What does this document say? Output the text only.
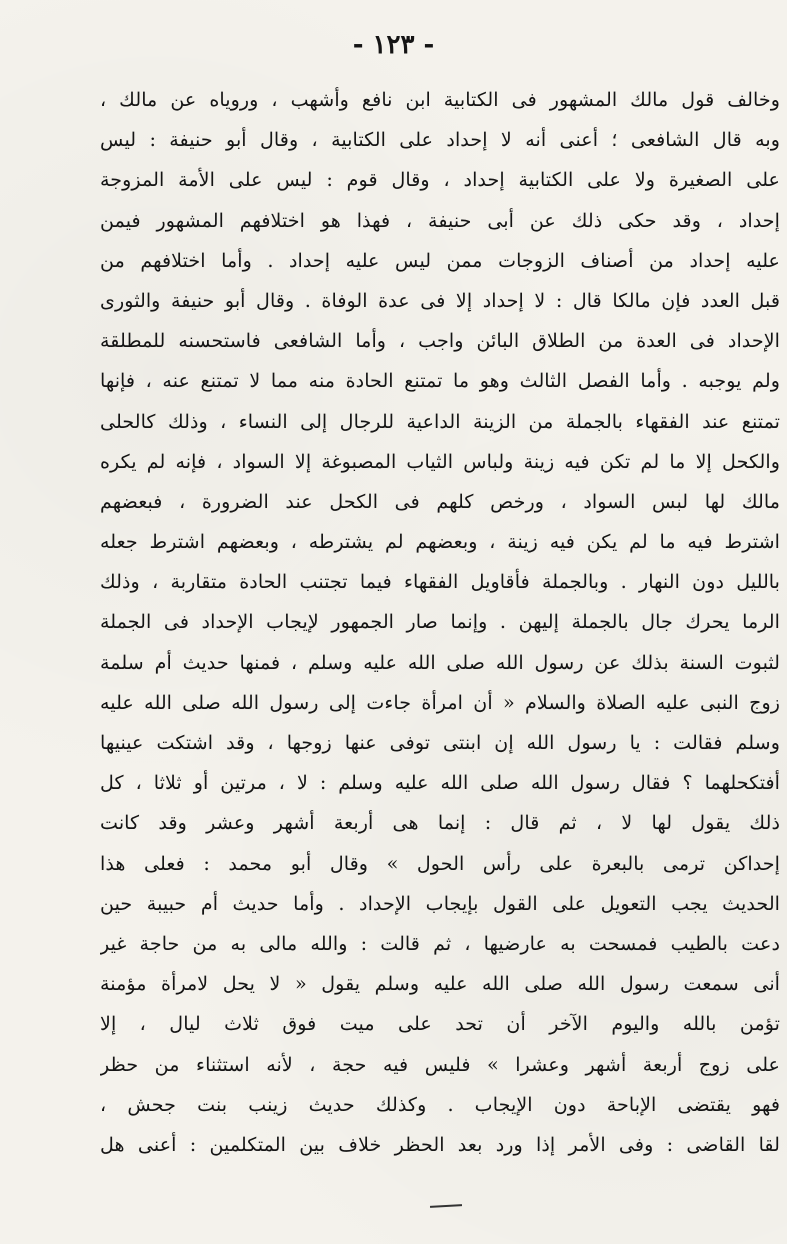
- ١٢٣ -
وخالف قول مالك المشهور فى الكتابية ابن نافع وأشهب ، وروياه عن مالك ،
وبه قال الشافعى ؛ أعنى أنه لا إحداد على الكتابية ، وقال أبو حنيفة : ليس
على الصغيرة ولا على الكتابية إحداد ، وقال قوم : ليس على الأمة المزوجة
إحداد ، وقد حكى ذلك عن أبى حنيفة ، فهذا هو اختلافهم المشهور فيمن
عليه إحداد من أصناف الزوجات ممن ليس عليه إحداد . وأما اختلافهم من
قبل العدد فإن مالكا قال : لا إحداد إلا فى عدة الوفاة . وقال أبو حنيفة والثورى
الإحداد فى العدة من الطلاق البائن واجب ، وأما الشافعى فاستحسنه للمطلقة
ولم يوجبه . وأما الفصل الثالث وهو ما تمتنع الحادة منه مما لا تمتنع عنه ، فإنها
تمتنع عند الفقهاء بالجملة من الزينة الداعية للرجال إلى النساء ، وذلك كالحلى
والكحل إلا ما لم تكن فيه زينة ولباس الثياب المصبوغة إلا السواد ، فإنه لم يكره
مالك لها لبس السواد ، ورخص كلهم فى الكحل عند الضرورة ، فبعضهم
اشترط فيه ما لم يكن فيه زينة ، وبعضهم لم يشترطه ، وبعضهم اشترط جعله
بالليل دون النهار . وبالجملة فأقاويل الفقهاء فيما تجتنب الحادة متقاربة ، وذلك
الرما يحرك جال بالجملة إليهن . وإنما صار الجمهور لإيجاب الإحداد فى الجملة
لثبوت السنة بذلك عن رسول الله صلى الله عليه وسلم ، فمنها حديث أم سلمة
زوج النبى عليه الصلاة والسلام « أن امرأة جاءت إلى رسول الله صلى الله عليه
وسلم فقالت : يا رسول الله إن ابنتى توفى عنها زوجها ، وقد اشتكت عينيها
أفتكحلهما ؟ فقال رسول الله صلى الله عليه وسلم : لا ، مرتين أو ثلاثا ، كل
ذلك يقول لها لا ، ثم قال : إنما هى أربعة أشهر وعشر وقد كانت
إحداكن ترمى بالبعرة على رأس الحول » وقال أبو محمد : فعلى هذا
الحديث يجب التعويل على القول بإيجاب الإحداد . وأما حديث أم حبيبة حين
دعت بالطيب فمسحت به عارضيها ، ثم قالت : والله مالى به من حاجة غير
أنى سمعت رسول الله صلى الله عليه وسلم يقول « لا يحل لامرأة مؤمنة
تؤمن بالله واليوم الآخر أن تحد على ميت فوق ثلاث ليال ، إلا
على زوج أربعة أشهر وعشرا » فليس فيه حجة ، لأنه استثناء من حظر
فهو يقتضى الإباحة دون الإيجاب . وكذلك حديث زينب بنت جحش ،
لقا القاضى : وفى الأمر إذا ورد بعد الحظر خلاف بين المتكلمين : أعنى هل
